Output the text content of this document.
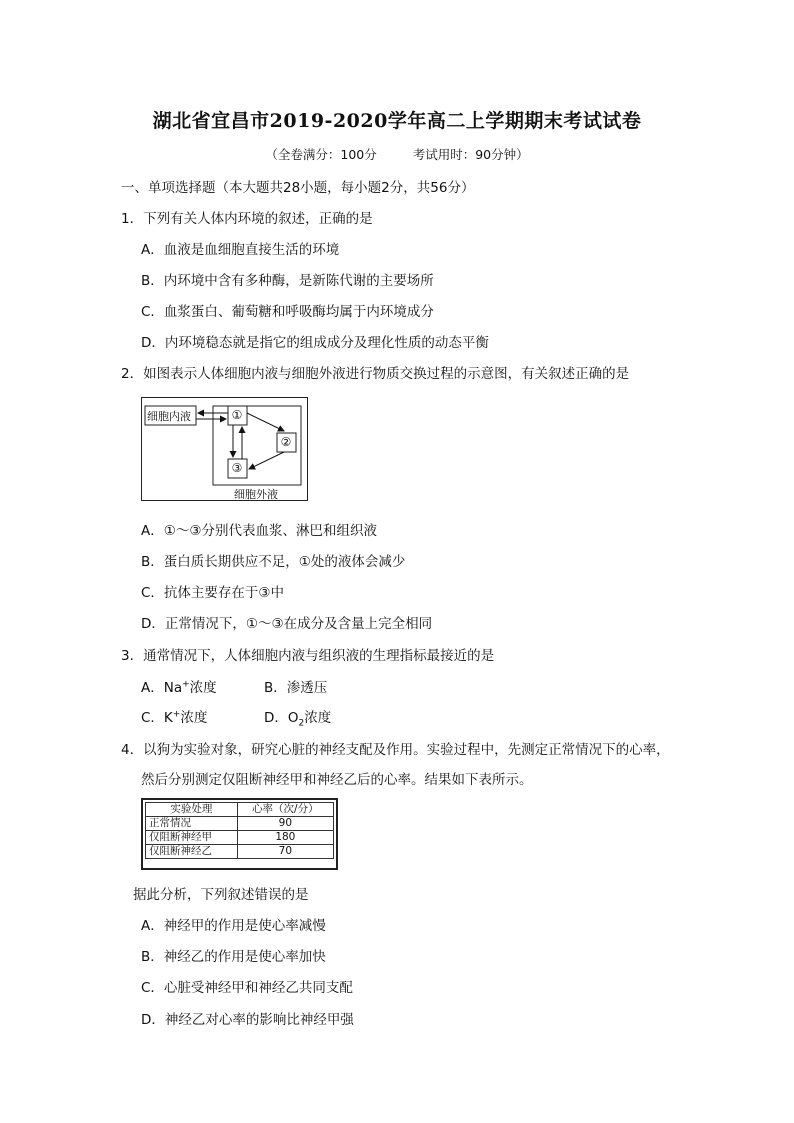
湖北省宜昌市2019-2020学年高二上学期期末考试试卷
（全卷满分：100分	考试用时：90分钟）
一、单项选择题（本大题共28小题，每小题2分，共56分）
1．下列有关人体内环境的叙述，正确的是
A．血液是血细胞直接生活的环境
B．内环境中含有多种酶，是新陈代谢的主要场所
C．血浆蛋白、葡萄糖和呼吸酶均属于内环境成分
D．内环境稳态就是指它的组成成分及理化性质的动态平衡
2．如图表示人体细胞内液与细胞外液进行物质交换过程的示意图，有关叙述正确的是
细胞内液	①
②
③
细胞外液
A．①～③分别代表血浆、淋巴和组织液
B．蛋白质长期供应不足，①处的液体会减少
C．抗体主要存在于③中
D．正常情况下，①～③在成分及含量上完全相同
3．通常情况下，人体细胞内液与组织液的生理指标最接近的是
A．Na+浓度	B．渗透压
C．K+浓度	D．$O_2$浓度
4．以狗为实验对象，研究心脏的神经支配及作用。实验过程中，先测定正常情况下的心率，
然后分别测定仅阻断神经甲和神经乙后的心率。结果如下表所示。
实验处理	心率（次/分）
正常情况	90
仅阻断神经甲	180
仅阻断神经乙	70
据此分析，下列叙述错误的是
A．神经甲的作用是使心率减慢
B．神经乙的作用是使心率加快
C．心脏受神经甲和神经乙共同支配
D．神经乙对心率的影响比神经甲强
